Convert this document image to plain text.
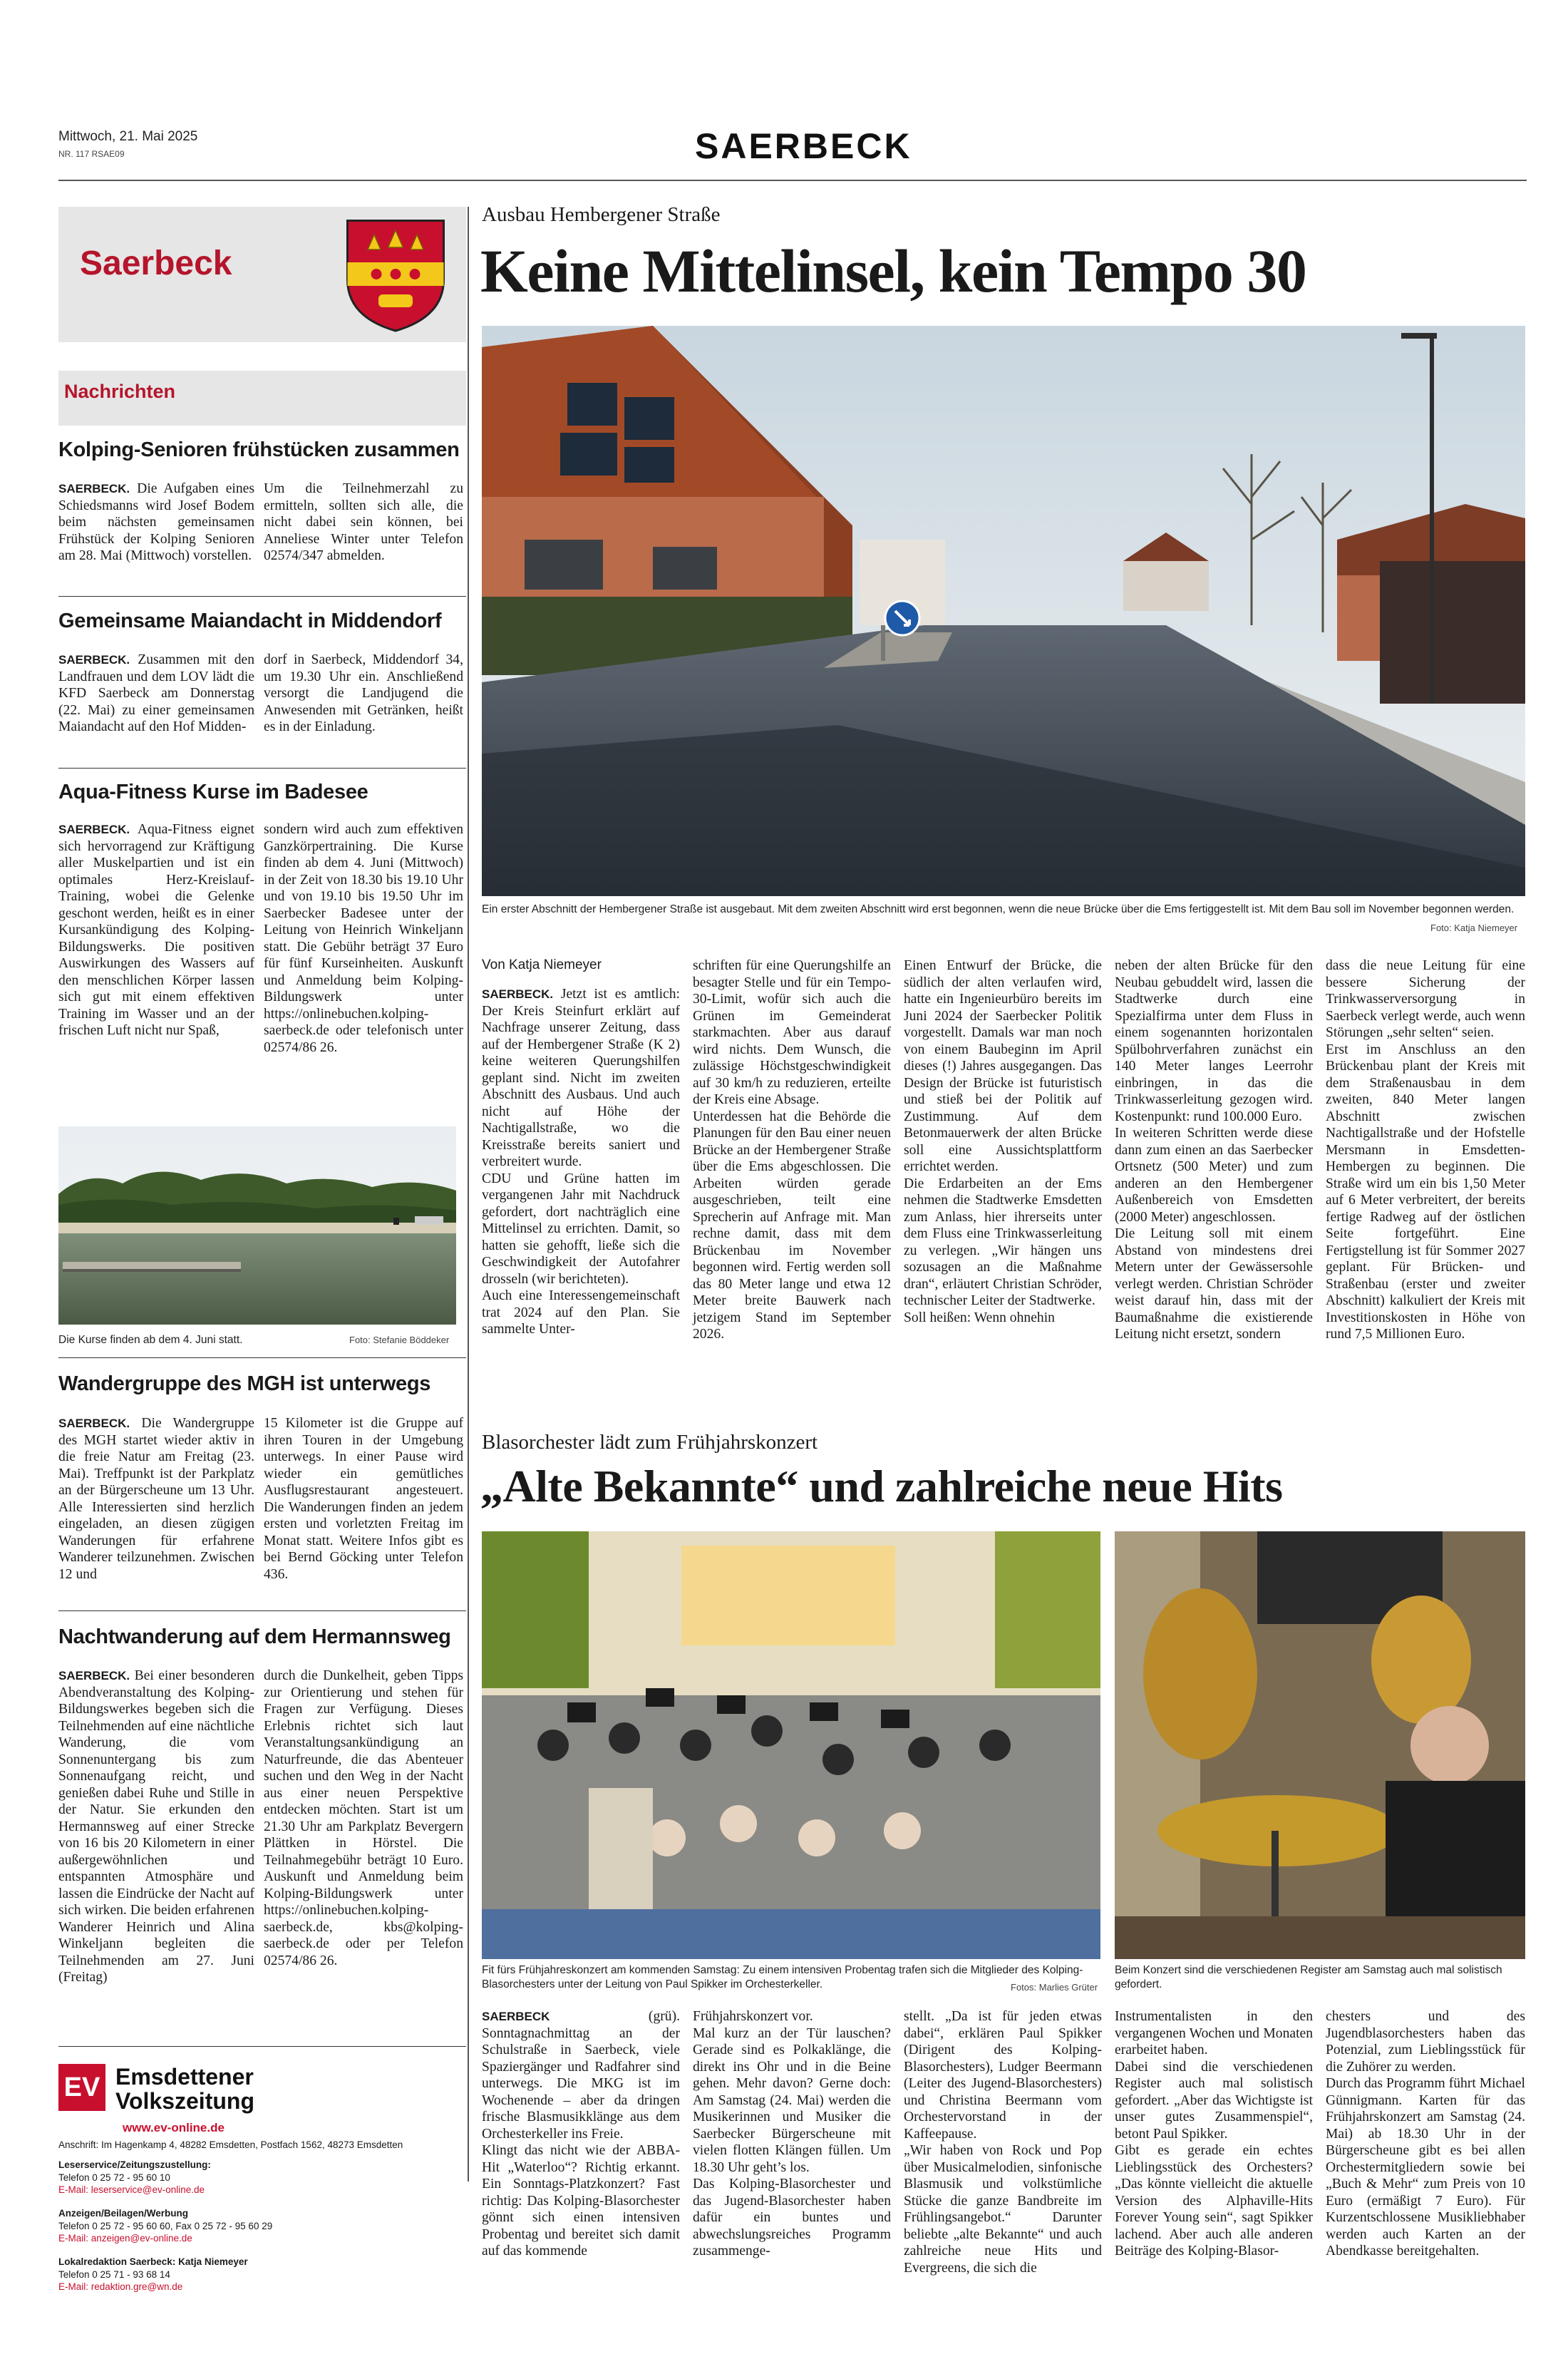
Mittwoch, 21. Mai 2025
NR. 117 RSAE09	SAERBECK
Saerbeck
Nachrichten
Kolping-Senioren frühstücken zusammen

SAERBECK. Die Aufgaben eines Schiedsmanns wird Josef Bodem beim nächsten gemeinsamen Frühstück der Kolping Senioren am 28. Mai (Mittwoch) vorstellen.

Um die Teilnehmerzahl zu ermitteln, sollten sich alle, die nicht dabei sein können, bei Anneliese Winter unter Telefon 02574/347 abmelden.

Gemeinsame Maiandacht in Middendorf

SAERBECK. Zusammen mit den Landfrauen und dem LOV lädt die KFD Saerbeck am Donnerstag (22. Mai) zu einer gemeinsamen Maiandacht auf den Hof Midden-

dorf in Saerbeck, Middendorf 34, um 19.30 Uhr ein. Anschließend versorgt die Landjugend die Anwesenden mit Getränken, heißt es in der Einladung.

Aqua-Fitness Kurse im Badesee

SAERBECK. Aqua-Fitness eignet sich hervorragend zur Kräftigung aller Muskelpartien und ist ein optimales Herz-Kreislauf-Training, wobei die Gelenke geschont werden, heißt es in einer Kursankündigung des Kolping-Bildungswerks. Die positiven Auswirkungen des Wassers auf den menschlichen Körper lassen sich gut mit einem effektiven Training im Wasser und an der frischen Luft nicht nur Spaß,

sondern wird auch zum effektiven Ganzkörpertraining. Die Kurse finden ab dem 4. Juni (Mittwoch) in der Zeit von 18.30 bis 19.10 Uhr und von 19.10 bis 19.50 Uhr im Saerbecker Badesee unter der Leitung von Heinrich Winkeljann statt. Die Gebühr beträgt 37 Euro für fünf Kurseinheiten. Auskunft und Anmeldung beim Kolping-Bildungswerk unter https://onlinebuchen.kolping-saerbeck.de oder telefonisch unter 02574/86 26.

Die Kurse finden ab dem 4. Juni statt.	Foto: Stefanie Böddeker
Wandergruppe des MGH ist unterwegs

SAERBECK. Die Wandergruppe des MGH startet wieder aktiv in die freie Natur am Freitag (23. Mai). Treffpunkt ist der Parkplatz an der Bürgerscheune um 13 Uhr. Alle Interessierten sind herzlich eingeladen, an diesen zügigen Wanderungen für erfahrene Wanderer teilzunehmen. Zwischen 12 und

15 Kilometer ist die Gruppe auf ihren Touren in der Umgebung unterwegs. In einer Pause wird wieder ein gemütliches Ausflugsrestaurant angesteuert. Die Wanderungen finden an jedem ersten und vorletzten Freitag im Monat statt. Weitere Infos gibt es bei Bernd Göcking unter Telefon 436.

Nachtwanderung auf dem Hermannsweg

SAERBECK. Bei einer besonderen Abendveranstaltung des Kolping-Bildungswerkes begeben sich die Teilnehmenden auf eine nächtliche Wanderung, die vom Sonnenuntergang bis zum Sonnenaufgang reicht, und genießen dabei Ruhe und Stille in der Natur. Sie erkunden den Hermannsweg auf einer Strecke von 16 bis 20 Kilometern in einer außergewöhnlichen und entspannten Atmosphäre und lassen die Eindrücke der Nacht auf sich wirken. Die beiden erfahrenen Wanderer Heinrich und Alina Winkeljann begleiten die Teilnehmenden am 27. Juni (Freitag)

durch die Dunkelheit, geben Tipps zur Orientierung und stehen für Fragen zur Verfügung. Dieses Erlebnis richtet sich laut Veranstaltungsankündigung an Naturfreunde, die das Abenteuer suchen und den Weg in der Nacht aus einer neuen Perspektive entdecken möchten. Start ist um 21.30 Uhr am Parkplatz Bevergern Plättken in Hörstel. Die Teilnahmegebühr beträgt 10 Euro. Auskunft und Anmeldung beim Kolping-Bildungswerk unter https://onlinebuchen.kolping-saerbeck.de, kbs@kolping-saerbeck.de oder per Telefon 02574/86 26.

EV Emsdettener
Volkszeitung
www.ev-online.de
Anschrift: Im Hagenkamp 4, 48282 Emsdetten, Postfach 1562, 48273 Emsdetten
Leserservice/Zeitungszustellung:
Telefon 0 25 72 - 95 60 10
E-Mail: leserservice@ev-online.de
Anzeigen/Beilagen/Werbung
Telefon 0 25 72 - 95 60 60, Fax 0 25 72 - 95 60 29
E-Mail: anzeigen@ev-online.de
Lokalredaktion Saerbeck: Katja Niemeyer
Telefon 0 25 71 - 93 68 14
E-Mail: redaktion.gre@wn.de
Ausbau Hembergener Straße
Keine Mittelinsel, kein Tempo 30
Ein erster Abschnitt der Hembergener Straße ist ausgebaut. Mit dem zweiten Abschnitt wird erst begonnen, wenn die neue Brücke über die Ems fertiggestellt ist. Mit dem Bau soll im November begonnen werden.
Foto: Katja Niemeyer
Von Katja Niemeyer

SAERBECK. Jetzt ist es amtlich: Der Kreis Steinfurt erklärt auf Nachfrage unserer Zeitung, dass auf der Hembergener Straße (K 2) keine weiteren Querungshilfen geplant sind. Nicht im zweiten Abschnitt des Ausbaus. Und auch nicht auf Höhe der Nachtigallstraße, wo die Kreisstraße bereits saniert und verbreitert wurde.
CDU und Grüne hatten im vergangenen Jahr mit Nachdruck gefordert, dort nachträglich eine Mittelinsel zu errichten. Damit, so hatten sie gehofft, ließe sich die Geschwindigkeit der Autofahrer drosseln (wir berichteten).
Auch eine Interessengemeinschaft trat 2024 auf den Plan. Sie sammelte Unter-

schriften für eine Querungshilfe an besagter Stelle und für ein Tempo-30-Limit, wofür sich auch die Grünen im Gemeinderat starkmachten. Aber aus darauf wird nichts. Dem Wunsch, die zulässige Höchstgeschwindigkeit auf 30 km/h zu reduzieren, erteilte der Kreis eine Absage.
Unterdessen hat die Behörde die Planungen für den Bau einer neuen Brücke an der Hembergener Straße über die Ems abgeschlossen. Die Arbeiten würden gerade ausgeschrieben, teilt eine Sprecherin auf Anfrage mit. Man rechne damit, dass mit dem Brückenbau im November begonnen wird. Fertig werden soll das 80 Meter lange und etwa 12 Meter breite Bauwerk nach jetzigem Stand im September 2026.

Einen Entwurf der Brücke, die südlich der alten verlaufen wird, hatte ein Ingenieurbüro bereits im Juni 2024 der Saerbecker Politik vorgestellt. Damals war man noch von einem Baubeginn im April dieses (!) Jahres ausgegangen. Das Design der Brücke ist futuristisch und stieß bei der Politik auf Zustimmung. Auf dem Betonmauerwerk der alten Brücke soll eine Aussichtsplattform errichtet werden.
Die Erdarbeiten an der Ems nehmen die Stadtwerke Emsdetten zum Anlass, hier ihrerseits unter dem Fluss eine Trinkwasserleitung zu verlegen. „Wir hängen uns sozusagen an die Maßnahme dran“, erläutert Christian Schröder, technischer Leiter der Stadtwerke.
Soll heißen: Wenn ohnehin

neben der alten Brücke für den Neubau gebuddelt wird, lassen die Stadtwerke durch eine Spezialfirma unter dem Fluss in einem sogenannten horizontalen Spülbohrverfahren zunächst ein 140 Meter langes Leerrohr einbringen, in das die Trinkwasserleitung gezogen wird. Kostenpunkt: rund 100.000 Euro.
In weiteren Schritten werde diese dann zum einen an das Saerbecker Ortsnetz (500 Meter) und zum anderen an den Hembergener Außenbereich von Emsdetten (2000 Meter) angeschlossen.
Die Leitung soll mit einem Abstand von mindestens drei Metern unter der Gewässersohle verlegt werden. Christian Schröder weist darauf hin, dass mit der Baumaßnahme die existierende Leitung nicht ersetzt, sondern

dass die neue Leitung für eine bessere Sicherung der Trinkwasserversorgung in Saerbeck verlegt werde, auch wenn Störungen „sehr selten“ seien.
Erst im Anschluss an den Brückenbau plant der Kreis mit dem Straßenausbau in dem zweiten, 840 Meter langen Abschnitt zwischen Nachtigallstraße und der Hofstelle Mersmann in Emsdetten-Hembergen zu beginnen. Die Straße wird um ein bis 1,50 Meter auf 6 Meter verbreitert, der bereits fertige Radweg auf der östlichen Seite fortgeführt. Eine Fertigstellung ist für Sommer 2027 geplant. Für Brücken- und Straßenbau (erster und zweiter Abschnitt) kalkuliert der Kreis mit Investitionskosten in Höhe von rund 7,5 Millionen Euro.

Blasorchester lädt zum Frühjahrskonzert
„Alte Bekannte“ und zahlreiche neue Hits
Fit fürs Frühjahreskonzert am kommenden Samstag: Zu einem intensiven Probentag trafen sich die Mitglieder des Kolping-Blasorchesters unter der Leitung von Paul Spikker im Orchesterkeller.	Fotos: Marlies Grüter
Beim Konzert sind die verschiedenen Register am Samstag auch mal solistisch gefordert.

SAERBECK	(grü). Sonntagnachmittag an der Schulstraße in Saerbeck, viele Spaziergänger und Radfahrer sind unterwegs. Die MKG ist im Wochenende – aber da dringen frische Blasmusikklänge aus dem Orchesterkeller ins Freie.
Klingt das nicht wie der ABBA-Hit „Waterloo“? Richtig erkannt. Ein Sonntags-Platzkonzert? Fast richtig: Das Kolping-Blasorchester gönnt sich einen intensiven Probentag und bereitet sich damit auf das kommende

Frühjahrskonzert vor.
Mal kurz an der Tür lauschen? Gerade sind es Polkaklänge, die direkt ins Ohr und in die Beine gehen. Mehr davon? Gerne doch: Am Samstag (24. Mai) werden die Musikerinnen und Musiker die Saerbecker Bürgerscheune mit vielen flotten Klängen füllen. Um 18.30 Uhr geht’s los.
Das Kolping-Blasorchester und das Jugend-Blasorchester haben dafür ein buntes und abwechslungsreiches Programm zusammenge-

stellt. „Da ist für jeden etwas dabei“, erklären Paul Spikker (Dirigent des Kolping-Blasorchesters), Ludger Beermann (Leiter des Jugend-Blasorchesters) und Christina Beermann vom Orchestervorstand in der Kaffeepause.
„Wir haben von Rock und Pop über Musicalmelodien, sinfonische Blasmusik und volkstümliche Stücke die ganze Bandbreite im Frühlingsangebot.“ Darunter beliebte „alte Bekannte“ und auch zahlreiche neue Hits und Evergreens, die sich die

Instrumentalisten in den vergangenen Wochen und Monaten erarbeitet haben.
Dabei sind die verschiedenen Register auch mal solistisch gefordert. „Aber das Wichtigste ist unser gutes Zusammenspiel“, betont Paul Spikker.
Gibt es gerade ein echtes Lieblingsstück des Orchesters? „Das könnte vielleicht die aktuelle Version des Alphaville-Hits Forever Young sein“, sagt Spikker lachend. Aber auch alle anderen Beiträge des Kolping-Blasor-

chesters und des Jugendblasorchesters haben das Potenzial, zum Lieblingsstück für die Zuhörer zu werden.
Durch das Programm führt Michael Günnigmann. Karten für das Frühjahrskonzert am Samstag (24. Mai) ab 18.30 Uhr in der Bürgerscheune gibt es bei allen Orchestermitgliedern sowie bei „Buch & Mehr“ zum Preis von 10 Euro (ermäßigt 7 Euro). Für Kurzentschlossene Musikliebhaber werden auch Karten an der Abendkasse bereitgehalten.
